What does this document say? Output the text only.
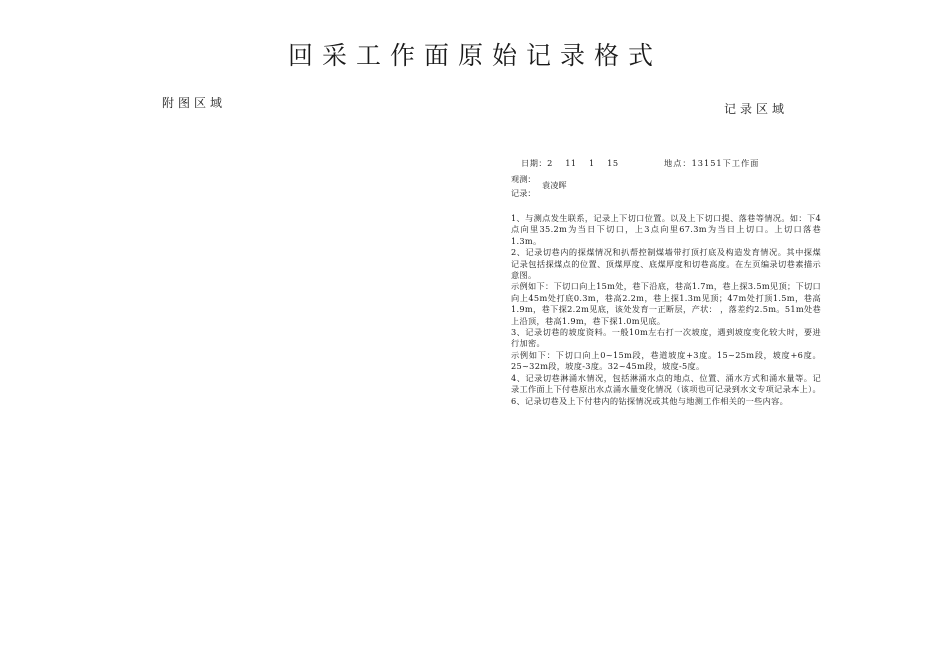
回采工作面原始记录格式
附图区域	记录区域

日期：2    11    1    15

	地点：13151下工作面

观测：
袁凌晖
记录：

1、与测点发生联系，记录上下切口位置。以及上下切口提、落巷等情况。如：下4点向里35.2m为当日下切口，上3点向里67.3m为当日上切口。上切口落巷1.3m。

2、记录切巷内的探煤情况和扒帮控制煤墙带打顶打底及构造发育情况。其中探煤记录包括探煤点的位置、顶煤厚度、底煤厚度和切巷高度。在左页编录切巷素描示意图。

示例如下：下切口向上15m处，巷下沿底，巷高1.7m，巷上探3.5m见顶；下切口向上45m处打底0.3m，巷高2.2m，巷上探1.3m见顶；47m处打顶1.5m，巷高1.9m，巷下探2.2m见底，该处发育一正断层，产状： ，落差约2.5m。51m处巷上沿顶，巷高1.9m，巷下探1.0m见底。

3、记录切巷的坡度资料。一般10m左右打一次坡度，遇到坡度变化较大时，要进行加密。

示例如下：下切口向上0~15m段，巷道坡度+3度。15~25m段，坡度+6度。25~32m段，坡度-3度。32~45m段，坡度-5度。

4、记录切巷淋涌水情况，包括淋涌水点的地点、位置、涌水方式和涌水量等。记录工作面上下付巷原出水点涌水量变化情况（该项也可记录到水文专项记录本上）。

6、记录切巷及上下付巷内的钻探情况或其他与地测工作相关的一些内容。
